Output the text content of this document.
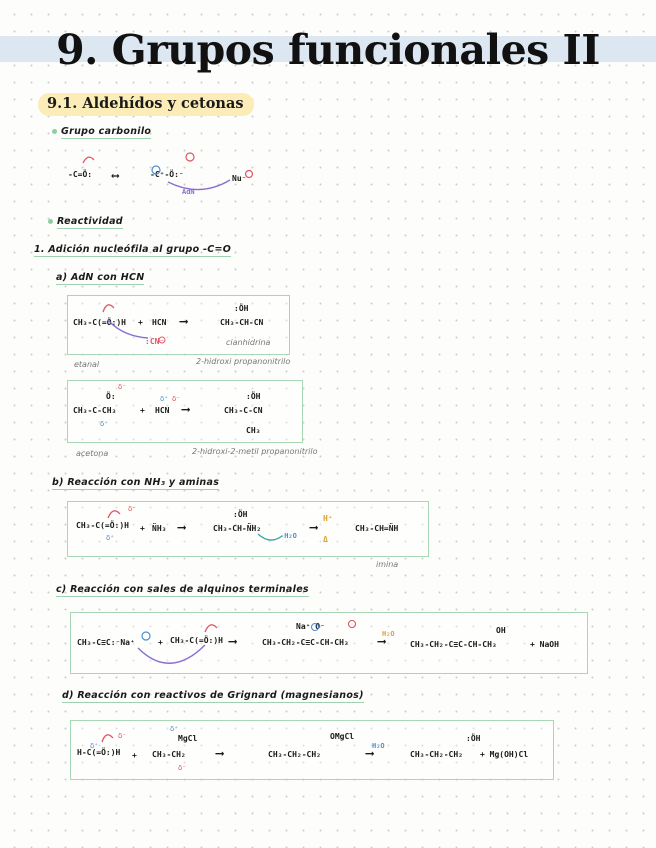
9. Grupos funcionales II
9.1. Aldehídos y cetonas
Grupo carbonilo
-C=Ö: ⟷	-C⁺-Ö:⁻
AdN
Nu⁻
Reactividad
1. Adición nucleófila al grupo -C=O
a) AdN con HCN
CH₃-C(=Ö:)H + HCN ⟶
:ÖH
CH₃-CH-CN
:CN⁻	cianhidrina
etanal	2-hidroxi propanonitrilo
Ö:
CH₃-C-CH₃	+ HCN ⟶
:ÖH
CH₃-C-CN
CH₃
acetona	2-hidroxi-2-metil propanonitrilo
δ⁻
δ⁺
δ⁺ δ⁻
b) Reacción con NH₃ y aminas
CH₃-C(=Ö:)H + N̈H₃ ⟶
:ÖH
CH₃-CH-N̈H₂
-H₂O
H⁺
⟶
Δ
CH₃-CH=N̈H
imina
δ⁺
δ⁻
c) Reacción con sales de alquinos terminales
CH₃-C≡C:⁻Na⁺	+ CH₃-C(=Ö:)H ⟶
Na⁺ O⁻
CH₃-CH₂-C≡C-CH-CH₃
H₂O
⟶
OH
CH₃-CH₂-C≡C-CH-CH₃	+ NaOH
d) Reacción con reactivos de Grignard (magnesianos)
H-C(=Ö:)H +
MgCl
CH₃-CH₂	⟶
OMgCl
CH₃-CH₂-CH₂
H₂O
⟶
:ÖH
CH₃-CH₂-CH₂ + Mg(OH)Cl
δ⁺
δ⁻
δ⁺
δ⁻
